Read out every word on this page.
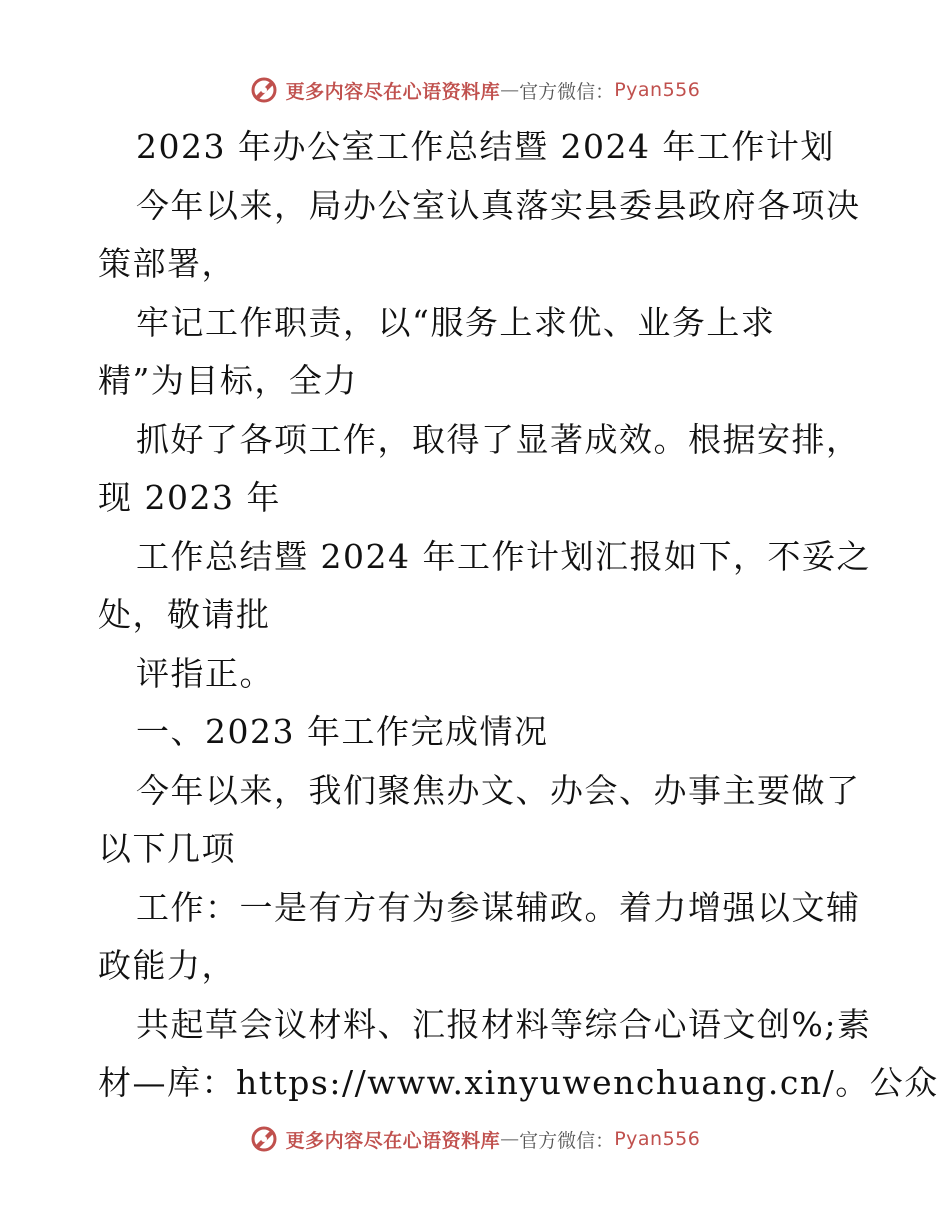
更多内容尽在心语资料库 — 官方微信： Pyan556
2023 年办公室工作总结暨 2024 年工作计划
今年以来，局办公室认真落实县委县政府各项决
策部署，
牢记工作职责，以“服务上求优、业务上求
精”为目标，全力
抓好了各项工作，取得了显著成效。根据安排，
现 2023 年
工作总结暨 2024 年工作计划汇报如下，不妥之
处，敬请批
评指正。
一、2023 年工作完成情况
今年以来，我们聚焦办文、办会、办事主要做了
以下几项
工作：一是有方有为参谋辅政。着力增强以文辅
政能力，
共起草会议材料、汇报材料等综合心语文创%;素
材—库：https://www.xinyuwenchuang.cn/。公众
更多内容尽在心语资料库 — 官方微信： Pyan556
